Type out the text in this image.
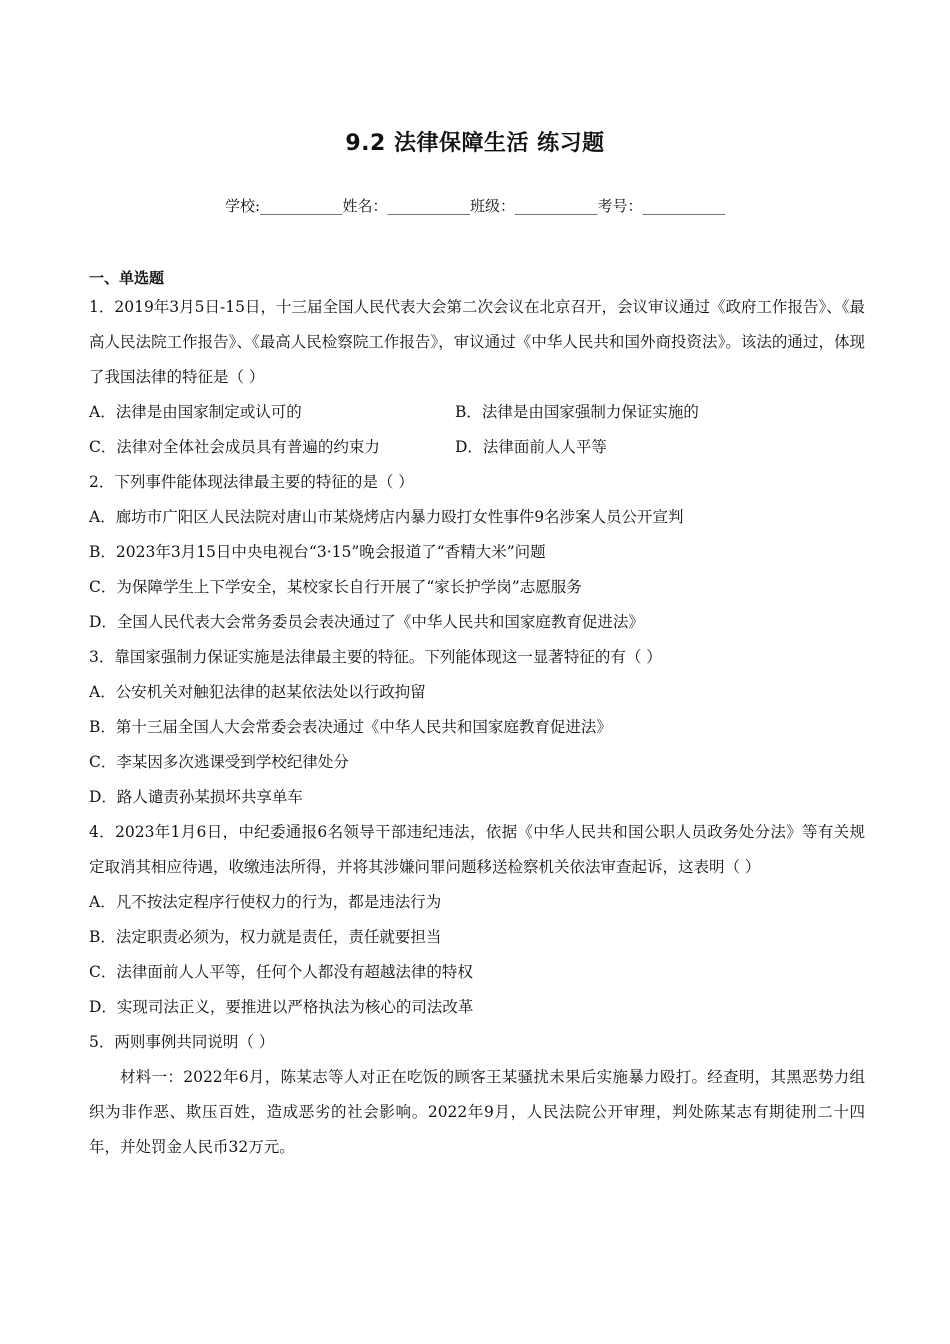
9.2 法律保障生活 练习题
学校:___________姓名：___________班级：___________考号：___________
一、单选题
1．2019年3月5日-15日，十三届全国人民代表大会第二次会议在北京召开，会议审议通过《政府工作报告》、《最高人民法院工作报告》、《最高人民检察院工作报告》，审议通过《中华人民共和国外商投资法》。该法的通过，体现了我国法律的特征是（ ）
A．法律是由国家制定或认可的	B．法律是由国家强制力保证实施的
C．法律对全体社会成员具有普遍的约束力	D．法律面前人人平等
2．下列事件能体现法律最主要的特征的是（ ）
A．廊坊市广阳区人民法院对唐山市某烧烤店内暴力殴打女性事件9名涉案人员公开宣判
B．2023年3月15日中央电视台“3·15”晚会报道了“香精大米”问题
C．为保障学生上下学安全，某校家长自行开展了“家长护学岗”志愿服务
D．全国人民代表大会常务委员会表决通过了《中华人民共和国家庭教育促进法》
3．靠国家强制力保证实施是法律最主要的特征。下列能体现这一显著特征的有（ ）
A．公安机关对触犯法律的赵某依法处以行政拘留
B．第十三届全国人大会常委会表决通过《中华人民共和国家庭教育促进法》
C．李某因多次逃课受到学校纪律处分
D．路人谴责孙某损坏共享单车
4．2023年1月6日，中纪委通报6名领导干部违纪违法，依据《中华人民共和国公职人员政务处分法》等有关规定取消其相应待遇，收缴违法所得，并将其涉嫌问罪问题移送检察机关依法审查起诉，这表明（ ）
A．凡不按法定程序行使权力的行为，都是违法行为
B．法定职责必须为，权力就是责任，责任就要担当
C．法律面前人人平等，任何个人都没有超越法律的特权
D．实现司法正义，要推进以严格执法为核心的司法改革
5．两则事例共同说明（ ）
材料一：2022年6月，陈某志等人对正在吃饭的顾客王某骚扰未果后实施暴力殴打。经查明，其黑恶势力组织为非作恶、欺压百姓，造成恶劣的社会影响。2022年9月，人民法院公开审理，判处陈某志有期徒刑二十四年，并处罚金人民币32万元。
